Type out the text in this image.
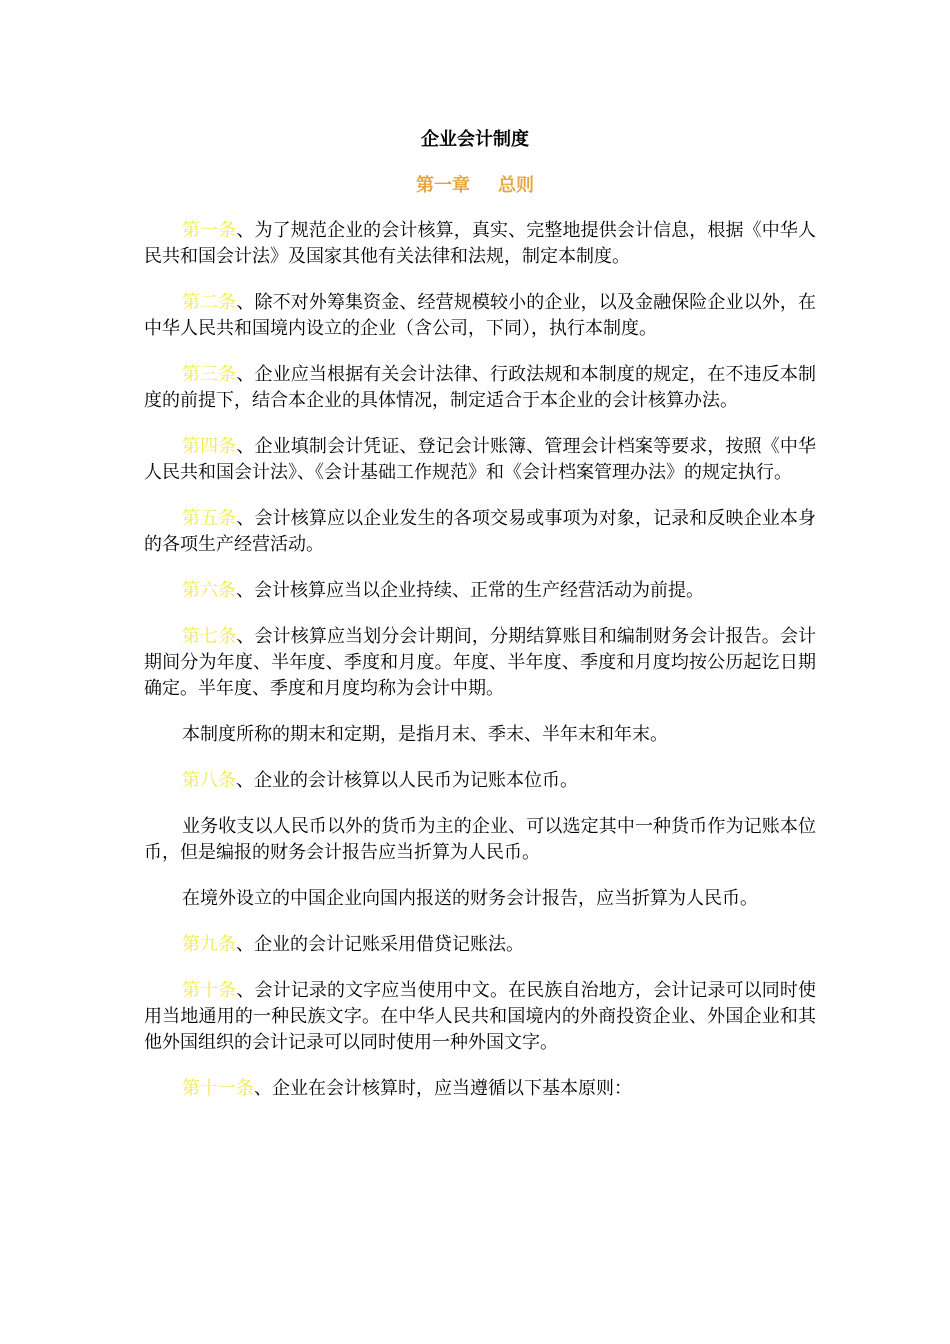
企业会计制度
第一章 总则

第一条、为了规范企业的会计核算，真实、完整地提供会计信息，根据《中华人民共和国会计法》及国家其他有关法律和法规，制定本制度。

第二条、除不对外筹集资金、经营规模较小的企业，以及金融保险企业以外，在中华人民共和国境内设立的企业（含公司，下同），执行本制度。

第三条、企业应当根据有关会计法律、行政法规和本制度的规定，在不违反本制度的前提下，结合本企业的具体情况，制定适合于本企业的会计核算办法。

第四条、企业填制会计凭证、登记会计账簿、管理会计档案等要求，按照《中华人民共和国会计法》、《会计基础工作规范》和《会计档案管理办法》的规定执行。

第五条、会计核算应以企业发生的各项交易或事项为对象，记录和反映企业本身的各项生产经营活动。

第六条、会计核算应当以企业持续、正常的生产经营活动为前提。

第七条、会计核算应当划分会计期间，分期结算账目和编制财务会计报告。会计期间分为年度、半年度、季度和月度。年度、半年度、季度和月度均按公历起讫日期确定。半年度、季度和月度均称为会计中期。

本制度所称的期末和定期，是指月末、季末、半年末和年末。

第八条、企业的会计核算以人民币为记账本位币。

业务收支以人民币以外的货币为主的企业、可以选定其中一种货币作为记账本位币，但是编报的财务会计报告应当折算为人民币。

在境外设立的中国企业向国内报送的财务会计报告，应当折算为人民币。

第九条、企业的会计记账采用借贷记账法。

第十条、会计记录的文字应当使用中文。在民族自治地方，会计记录可以同时使用当地通用的一种民族文字。在中华人民共和国境内的外商投资企业、外国企业和其他外国组织的会计记录可以同时使用一种外国文字。

第十一条、企业在会计核算时，应当遵循以下基本原则：
